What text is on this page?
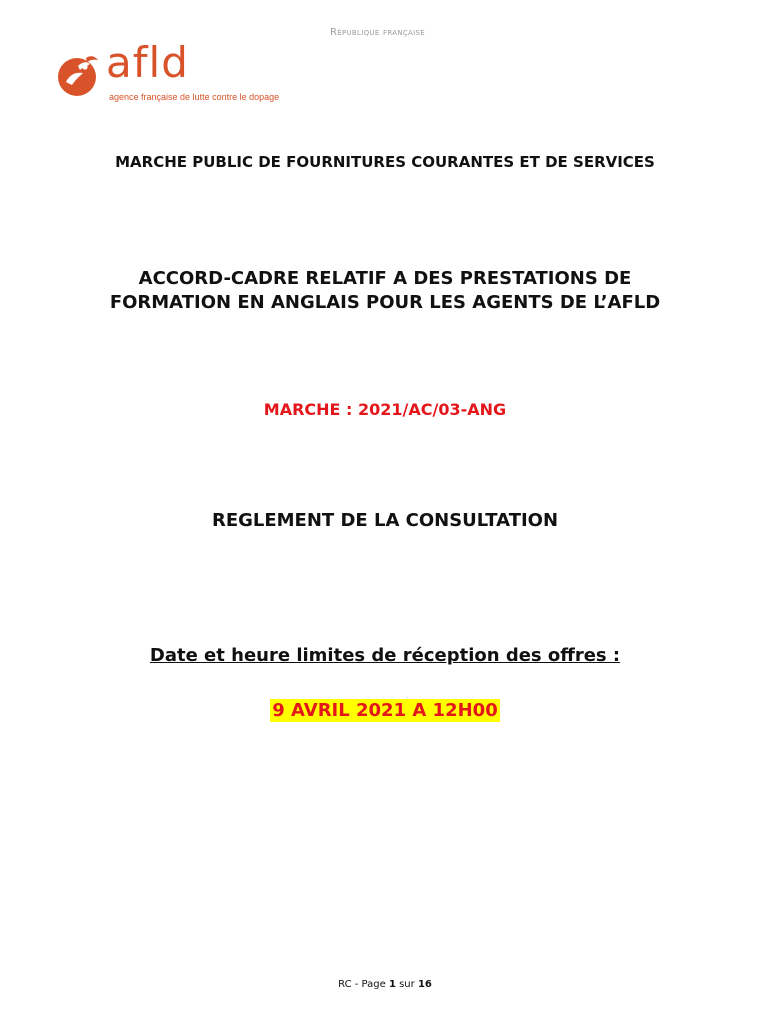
République française
afld
agence française de lutte contre le dopage
MARCHE PUBLIC DE FOURNITURES COURANTES ET DE SERVICES
ACCORD-CADRE RELATIF A DES PRESTATIONS DE
FORMATION EN ANGLAIS POUR LES AGENTS DE L’AFLD
MARCHE : 2021/AC/03-ANG
REGLEMENT DE LA CONSULTATION
Date et heure limites de réception des offres :
9 AVRIL 2021 A 12H00
RC - Page 1 sur 16
